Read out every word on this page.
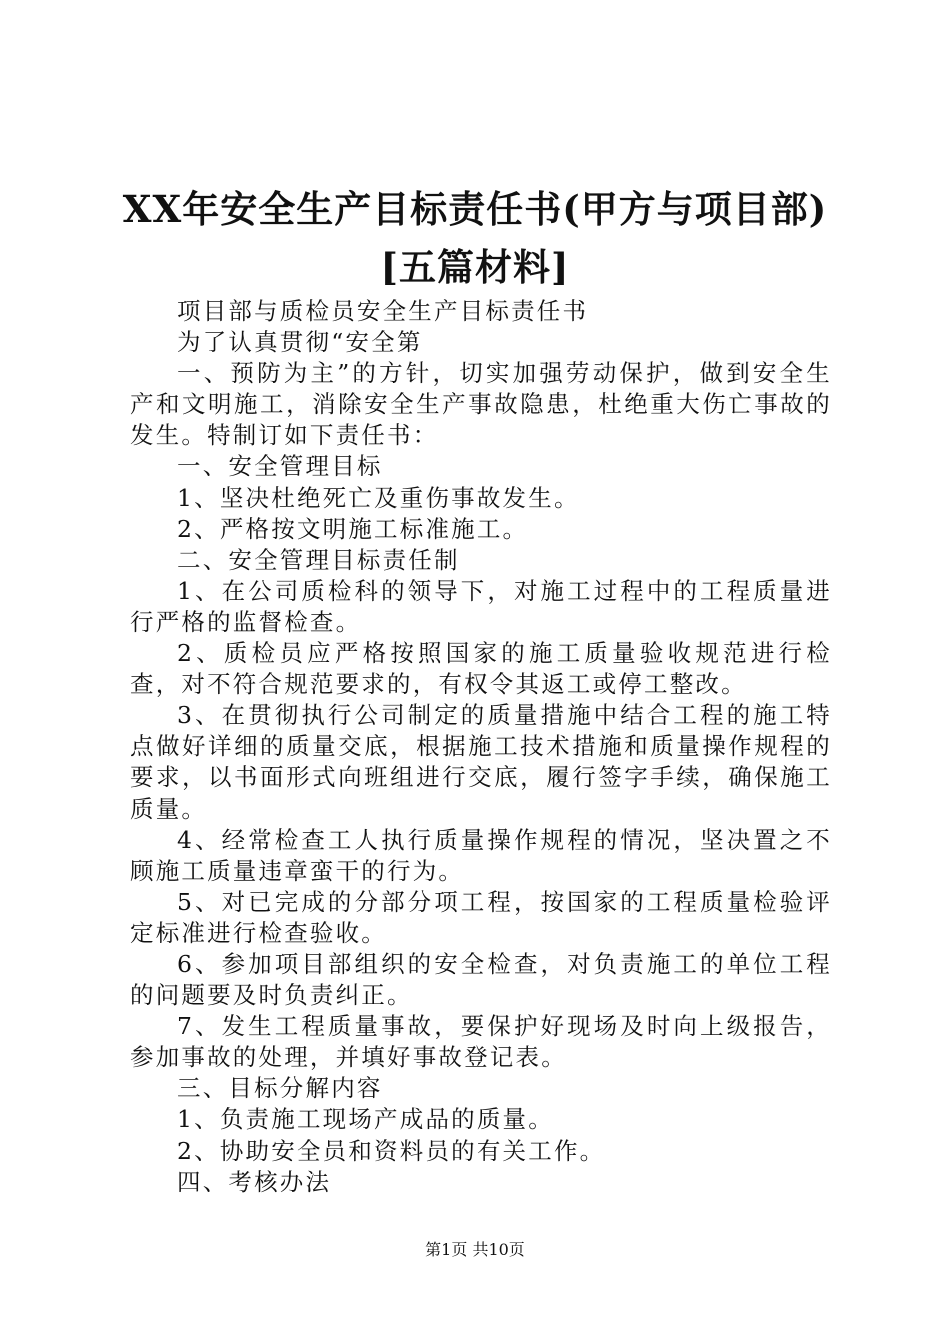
XX年安全生产目标责任书(甲方与项目部)[五篇材料]

项目部与质检员安全生产目标责任书

为了认真贯彻“安全第

一、预防为主”的方针，切实加强劳动保护，做到安全生产和文明施工，消除安全生产事故隐患，杜绝重大伤亡事故的发生。特制订如下责任书：

一、安全管理目标

1、坚决杜绝死亡及重伤事故发生。

2、严格按文明施工标准施工。

二、安全管理目标责任制

1、在公司质检科的领导下，对施工过程中的工程质量进行严格的监督检查。

2、质检员应严格按照国家的施工质量验收规范进行检查，对不符合规范要求的，有权令其返工或停工整改。

3、在贯彻执行公司制定的质量措施中结合工程的施工特点做好详细的质量交底，根据施工技术措施和质量操作规程的要求，以书面形式向班组进行交底，履行签字手续，确保施工质量。

4、经常检查工人执行质量操作规程的情况，坚决置之不顾施工质量违章蛮干的行为。

5、对已完成的分部分项工程，按国家的工程质量检验评定标准进行检查验收。

6、参加项目部组织的安全检查，对负责施工的单位工程的问题要及时负责纠正。

7、发生工程质量事故，要保护好现场及时向上级报告，参加事故的处理，并填好事故登记表。

三、目标分解内容

1、负责施工现场产成品的质量。

2、协助安全员和资料员的有关工作。

四、考核办法

第1页 共10页
